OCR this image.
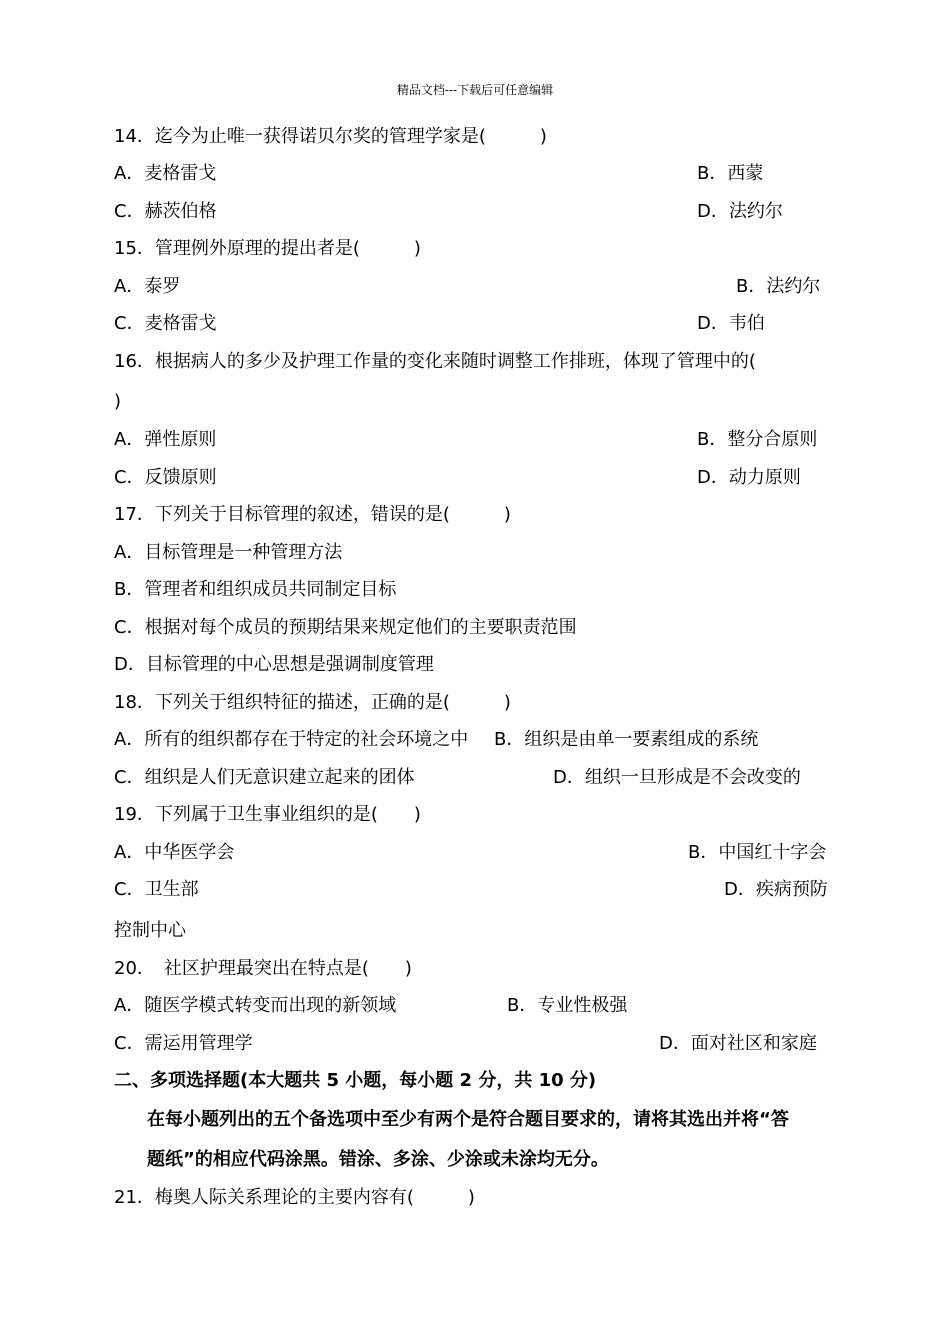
精品文档---下载后可任意编辑
14．迄今为止唯一获得诺贝尔奖的管理学家是(　　　)
A．麦格雷戈	B．西蒙
C．赫茨伯格	D．法约尔
15．管理例外原理的提出者是(　　　)
A．泰罗	B．法约尔
C．麦格雷戈	D．韦伯
16．根据病人的多少及护理工作量的变化来随时调整工作排班，体现了管理中的(
)
A．弹性原则	B．整分合原则
C．反馈原则	D．动力原则
17．下列关于目标管理的叙述，错误的是(　　　)
A．目标管理是一种管理方法
B．管理者和组织成员共同制定目标
C．根据对每个成员的预期结果来规定他们的主要职责范围
D．目标管理的中心思想是强调制度管理
18．下列关于组织特征的描述，正确的是(　　　)
A．所有的组织都存在于特定的社会环境之中 B．组织是由单一要素组成的系统
C．组织是人们无意识建立起来的团体	D．组织一旦形成是不会改变的
19．下列属于卫生事业组织的是(　　)
A．中华医学会	B．中国红十字会
C．卫生部	D．疾病预防
控制中心
20．　社区护理最突出在特点是(　　)
A．随医学模式转变而出现的新领域	B．专业性极强
C．需运用管理学	D．面对社区和家庭
二、多项选择题(本大题共 5 小题，每小题 2 分，共 10 分)
在每小题列出的五个备选项中至少有两个是符合题目要求的，请将其选出并将“答
题纸”的相应代码涂黑。错涂、多涂、少涂或未涂均无分。
21．梅奥人际关系理论的主要内容有(　　　)
